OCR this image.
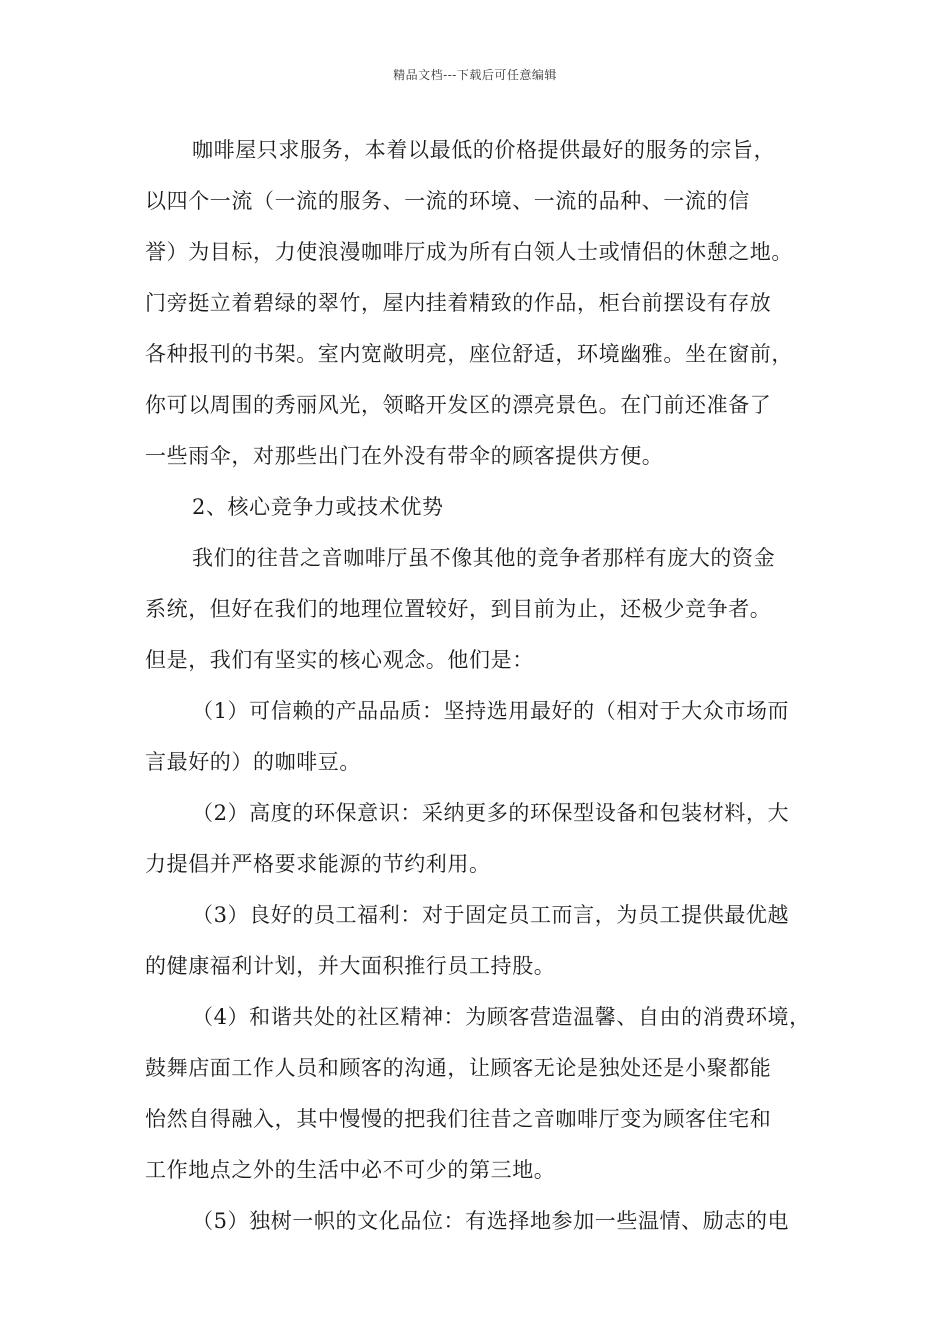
精品文档---下载后可任意编辑
咖啡屋只求服务，本着以最低的价格提供最好的服务的宗旨，
以四个一流（一流的服务、一流的环境、一流的品种、一流的信
誉）为目标，力使浪漫咖啡厅成为所有白领人士或情侣的休憩之地。
门旁挺立着碧绿的翠竹，屋内挂着精致的作品，柜台前摆设有存放
各种报刊的书架。室内宽敞明亮，座位舒适，环境幽雅。坐在窗前，
你可以周围的秀丽风光，领略开发区的漂亮景色。在门前还准备了
一些雨伞，对那些出门在外没有带伞的顾客提供方便。
2、核心竞争力或技术优势
我们的往昔之音咖啡厅虽不像其他的竞争者那样有庞大的资金
系统，但好在我们的地理位置较好，到目前为止，还极少竞争者。
但是，我们有坚实的核心观念。他们是：
（1）可信赖的产品品质：坚持选用最好的（相对于大众市场而
言最好的）的咖啡豆。
（2）高度的环保意识：采纳更多的环保型设备和包装材料，大
力提倡并严格要求能源的节约利用。
（3）良好的员工福利：对于固定员工而言，为员工提供最优越
的健康福利计划，并大面积推行员工持股。
（4）和谐共处的社区精神：为顾客营造温馨、自由的消费环境，
鼓舞店面工作人员和顾客的沟通，让顾客无论是独处还是小聚都能
怡然自得融入，其中慢慢的把我们往昔之音咖啡厅变为顾客住宅和
工作地点之外的生活中必不可少的第三地。
（5）独树一帜的文化品位：有选择地参加一些温情、励志的电
